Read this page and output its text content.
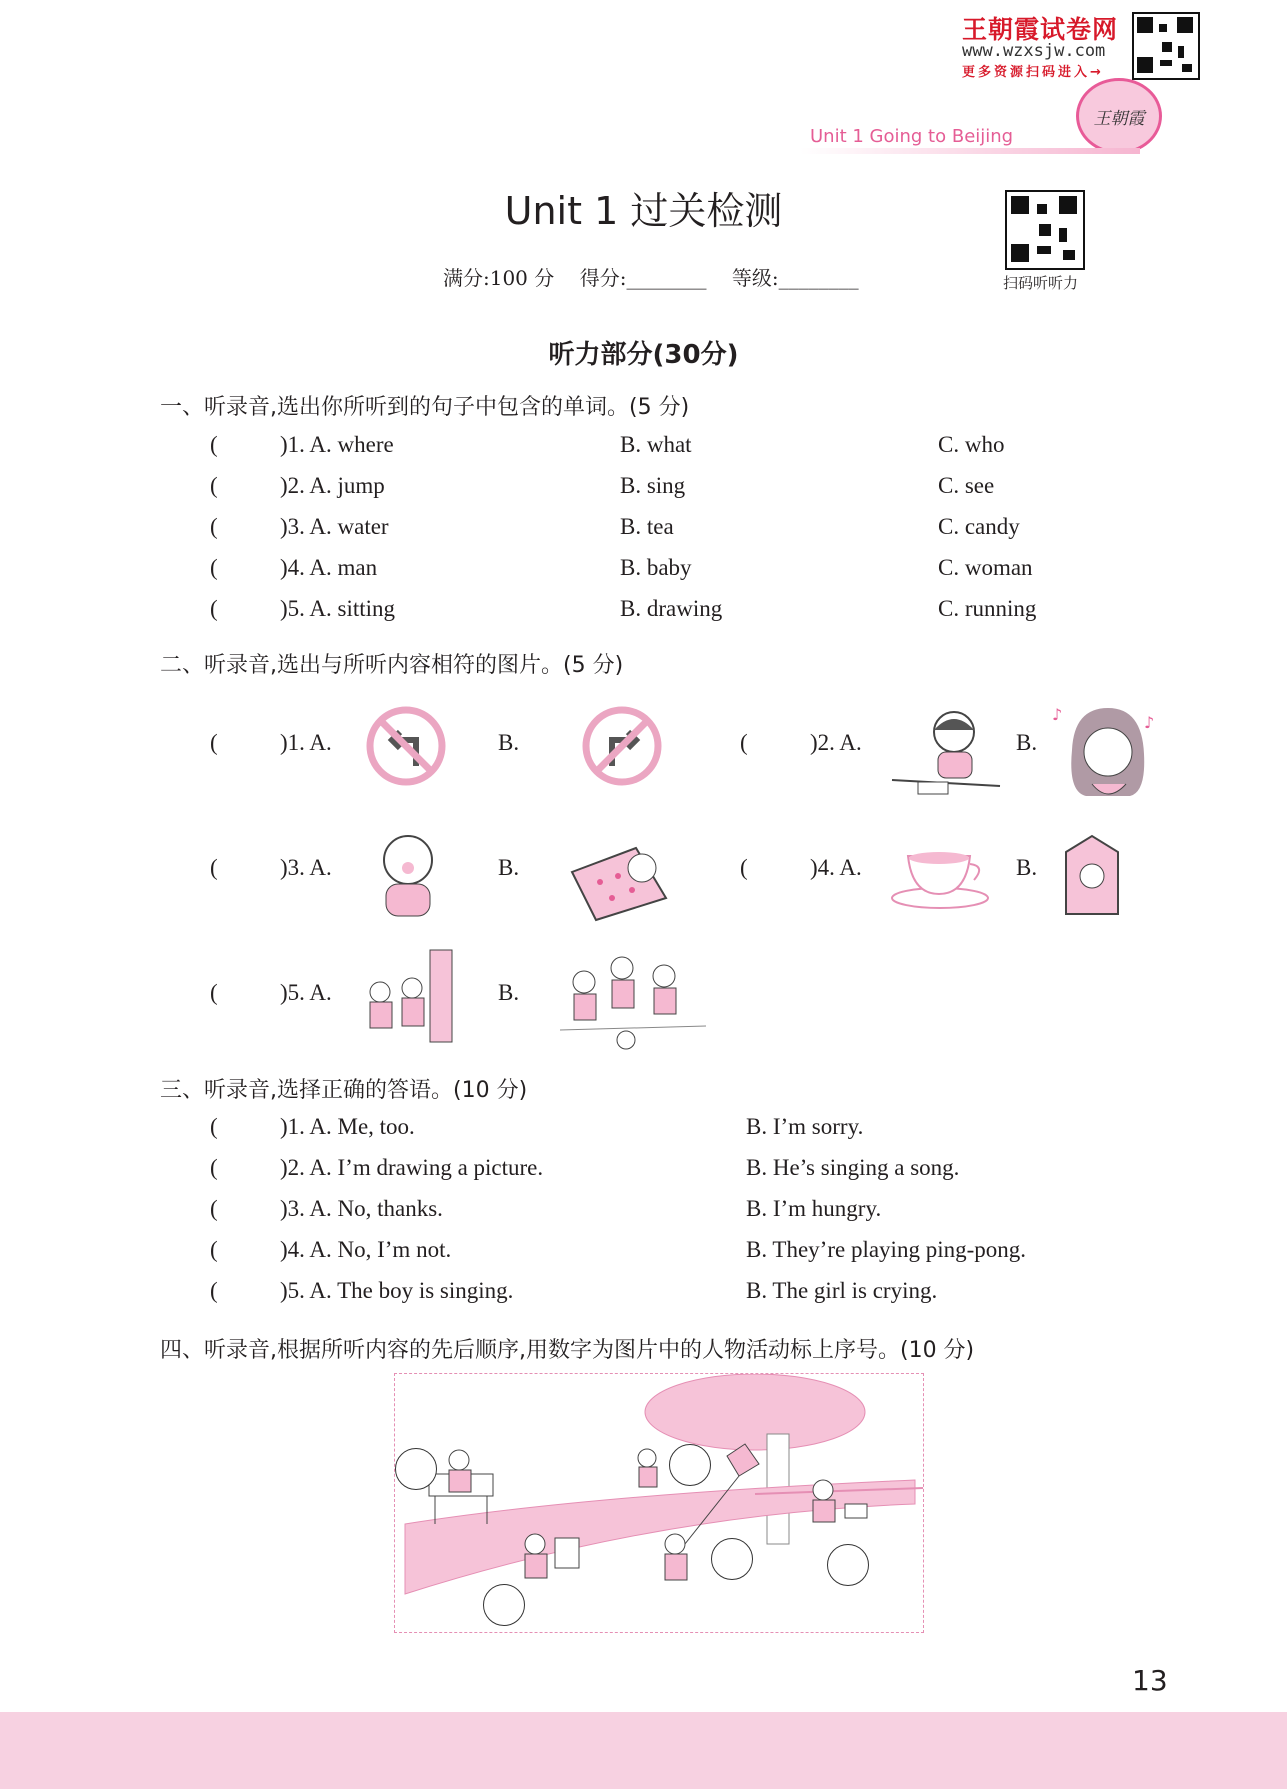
王朝霞试卷网
www.wzxsjw.com
更多资源扫码进入→
王朝霞
Unit 1 Going to Beijing
Unit 1 过关检测
满分:100 分 得分:________ 等级:________	扫码听听力
听力部分(30分)
一、听录音,选出你所听到的句子中包含的单词。(5 分)
(	)1. A. where	B. what	C. who
(	)2. A. jump	B. sing	C. see
(	)3. A. water	B. tea	C. candy
(	)4. A. man	B. baby	C. woman
(	)5. A. sitting	B. drawing	C. running
二、听录音,选出与所听内容相符的图片。(5 分)
(	)1. A.	B.	(	)2. A.	B.
♪	♪
(	)3. A.	B.	(	)4. A.	B.
(	)5. A.	B.
三、听录音,选择正确的答语。(10 分)
(	)1. A. Me, too.	B. I’m sorry.
(	)2. A. I’m drawing a picture.	B. He’s singing a song.
(	)3. A. No, thanks.	B. I’m hungry.
(	)4. A. No, I’m not.	B. They’re playing ping-pong.
(	)5. A. The boy is singing.	B. The girl is crying.
四、听录音,根据所听内容的先后顺序,用数字为图片中的人物活动标上序号。(10 分)
13
